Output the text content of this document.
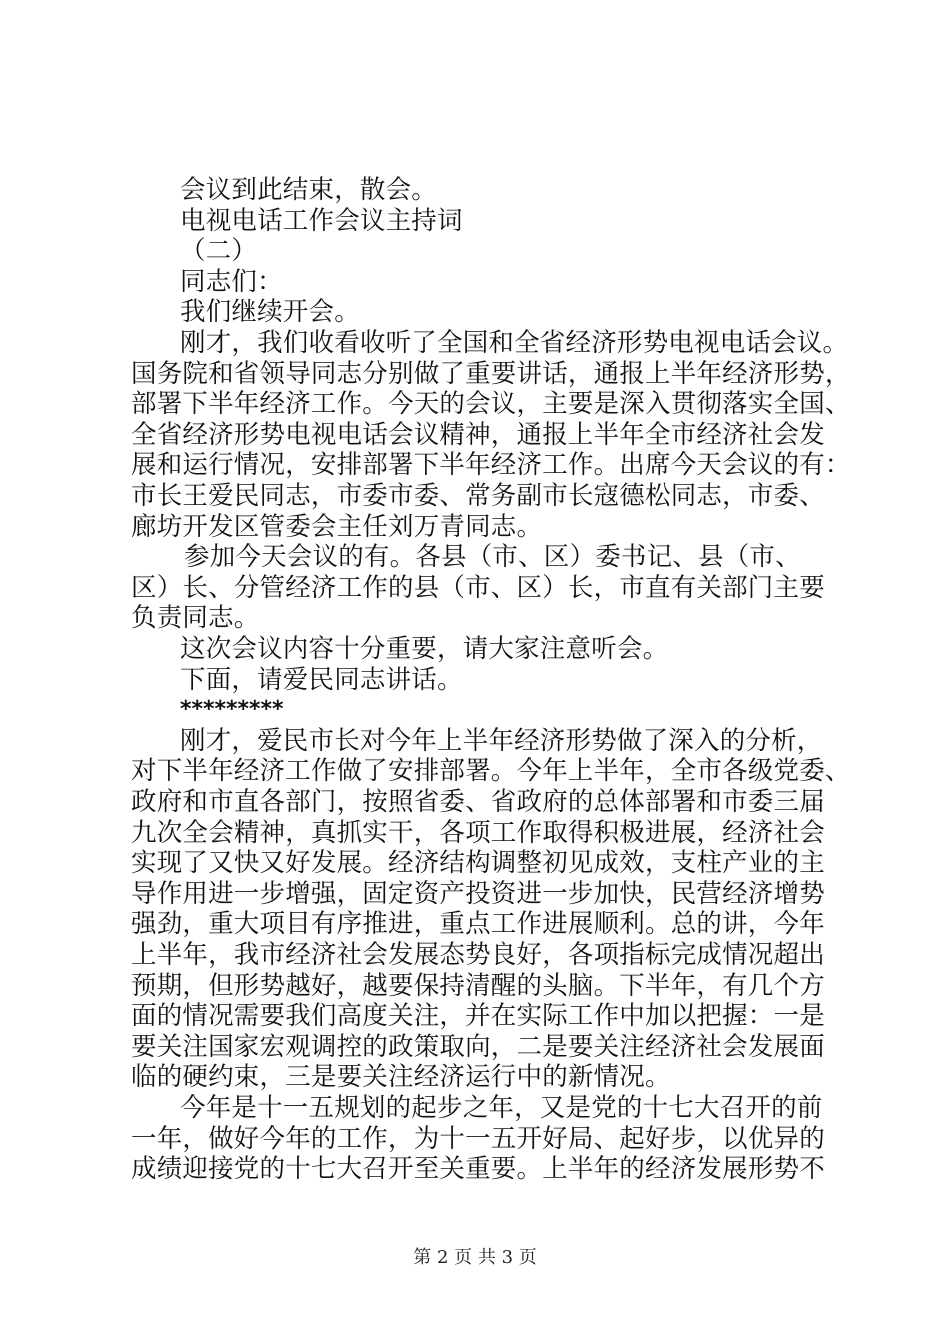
会议到此结束，散会。
电视电话工作会议主持词
（二）
同志们：
我们继续开会。
刚才，我们收看收听了全国和全省经济形势电视电话会议。
国务院和省领导同志分别做了重要讲话，通报上半年经济形势，
部署下半年经济工作。今天的会议，主要是深入贯彻落实全国、
全省经济形势电视电话会议精神，通报上半年全市经济社会发
展和运行情况，安排部署下半年经济工作。出席今天会议的有：
市长王爱民同志，市委市委、常务副市长寇德松同志，市委、
廊坊开发区管委会主任刘万青同志。
参加今天会议的有。各县（市、区）委书记、县（市、
区）长、分管经济工作的县（市、区）长，市直有关部门主要
负责同志。
这次会议内容十分重要，请大家注意听会。
下面，请爱民同志讲话。
*********
刚才，爱民市长对今年上半年经济形势做了深入的分析，
对下半年经济工作做了安排部署。今年上半年，全市各级党委、
政府和市直各部门，按照省委、省政府的总体部署和市委三届
九次全会精神，真抓实干，各项工作取得积极进展，经济社会
实现了又快又好发展。经济结构调整初见成效，支柱产业的主
导作用进一步增强，固定资产投资进一步加快，民营经济增势
强劲，重大项目有序推进，重点工作进展顺利。总的讲，今年
上半年，我市经济社会发展态势良好，各项指标完成情况超出
预期，但形势越好，越要保持清醒的头脑。下半年，有几个方
面的情况需要我们高度关注，并在实际工作中加以把握：一是
要关注国家宏观调控的政策取向，二是要关注经济社会发展面
临的硬约束，三是要关注经济运行中的新情况。
今年是十一五规划的起步之年，又是党的十七大召开的前
一年，做好今年的工作，为十一五开好局、起好步，以优异的
成绩迎接党的十七大召开至关重要。上半年的经济发展形势不
第 2 页 共 3 页
